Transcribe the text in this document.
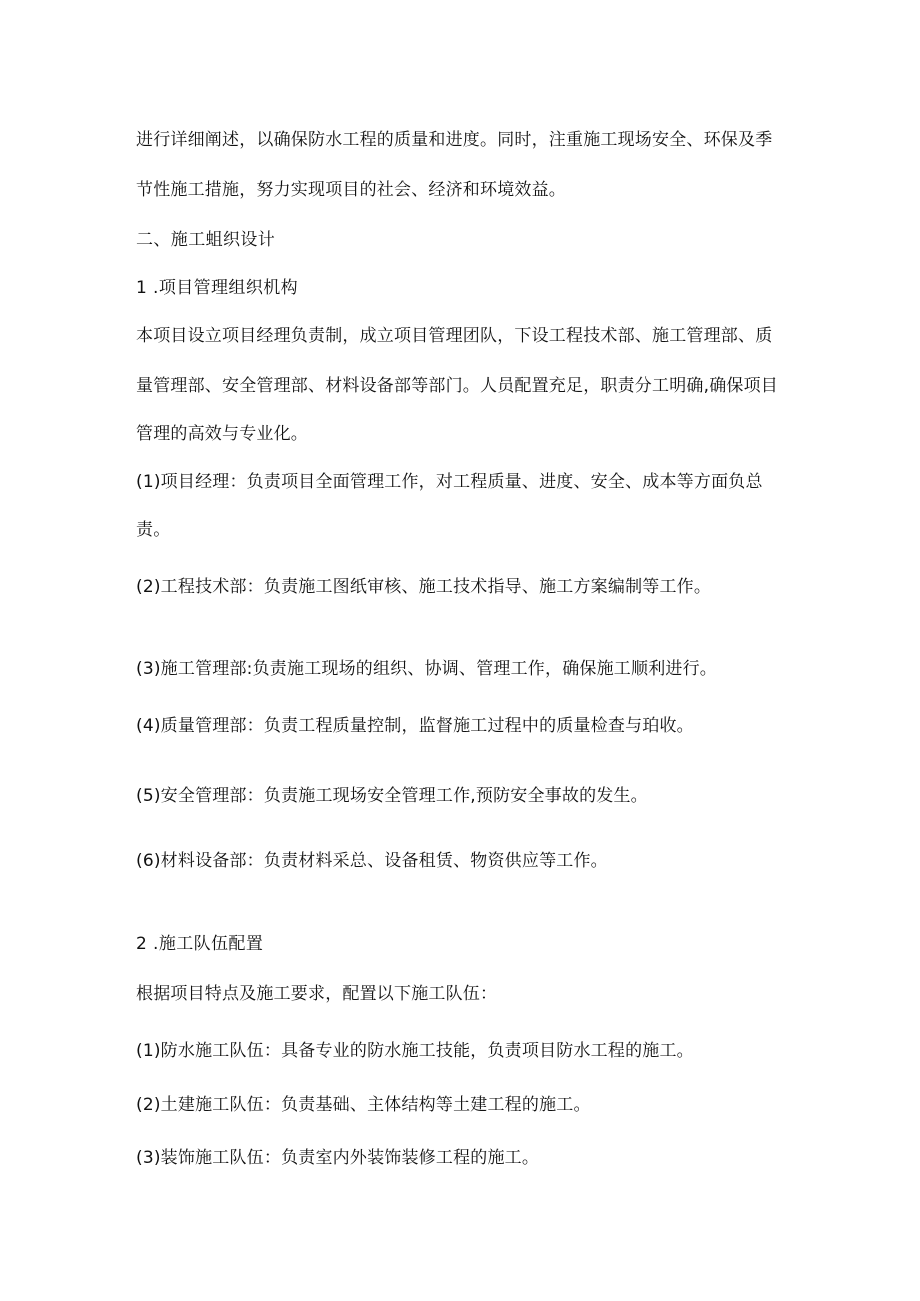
进行详细阐述，以确保防水工程的质量和进度。同时，注重施工现场安全、环保及季
节性施工措施，努力实现项目的社会、经济和环境效益。
二、施工蛆织设计
1 .项目管理组织机构
本项目设立项目经理负责制，成立项目管理团队，下设工程技术部、施工管理部、质
量管理部、安全管理部、材料设备部等部门。人员配置充足，职责分工明确,确保项目
管理的高效与专业化。
(1)项目经理：负责项目全面管理工作，对工程质量、进度、安全、成本等方面负总
责。
(2)工程技术部：负责施工图纸审核、施工技术指导、施工方案编制等工作。
(3)施工管理部:负责施工现场的组织、协调、管理工作，确保施工顺利进行。
(4)质量管理部：负责工程质量控制，监督施工过程中的质量检查与珀收。
(5)安全管理部：负责施工现场安全管理工作,预防安全事故的发生。
(6)材料设备部：负责材料采总、设备租赁、物资供应等工作。
2 .施工队伍配置
根据项目特点及施工要求，配置以下施工队伍：
(1)防水施工队伍：具备专业的防水施工技能，负责项目防水工程的施工。
(2)土建施工队伍：负责基础、主体结构等土建工程的施工。
(3)装饰施工队伍：负责室内外装饰装修工程的施工。
